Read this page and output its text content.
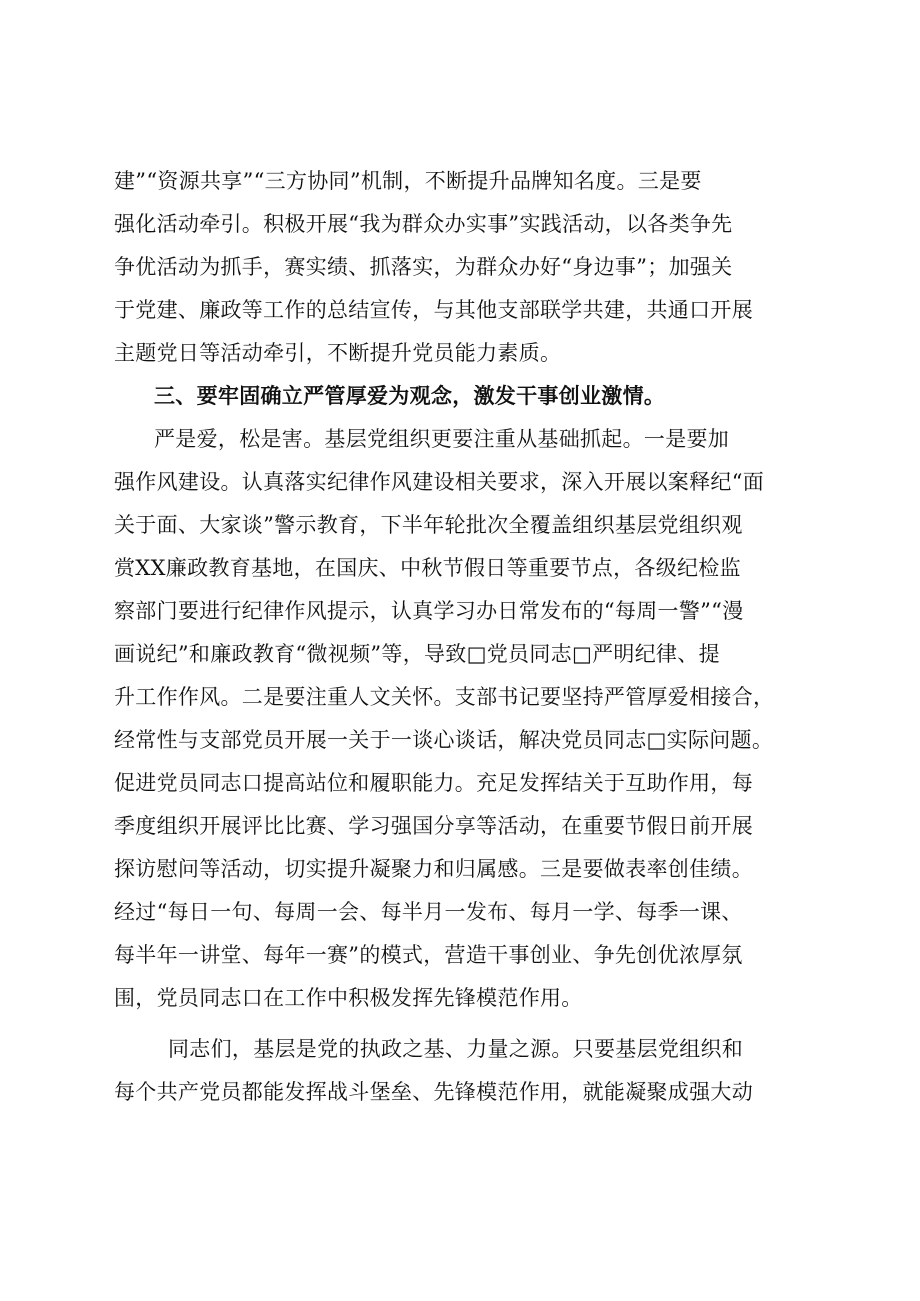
建”“资源共享”“三方协同”机制，不断提升品牌知名度。三是要
强化活动牵引。积极开展“我为群众办实事”实践活动，以各类争先
争优活动为抓手，赛实绩、抓落实，为群众办好“身边事”；加强关
于党建、廉政等工作的总结宣传，与其他支部联学共建，共通口开展
主题党日等活动牵引，不断提升党员能力素质。
三、要牢固确立严管厚爱为观念，激发干事创业激情。
严是爱，松是害。基层党组织更要注重从基础抓起。一是要加
强作风建设。认真落实纪律作风建设相关要求，深入开展以案释纪“面
关于面、大家谈”警示教育，下半年轮批次全覆盖组织基层党组织观
赏XX廉政教育基地，在国庆、中秋节假日等重要节点，各级纪检监
察部门要进行纪律作风提示，认真学习办日常发布的“每周一警”“漫
画说纪”和廉政教育“微视频”等，导致□党员同志□严明纪律、提
升工作作风。二是要注重人文关怀。支部书记要坚持严管厚爱相接合，
经常性与支部党员开展一关于一谈心谈话，解决党员同志□实际问题。
促进党员同志口提高站位和履职能力。充足发挥结关于互助作用，每
季度组织开展评比比赛、学习强国分享等活动，在重要节假日前开展
探访慰问等活动，切实提升凝聚力和归属感。三是要做表率创佳绩。
经过“每日一句、每周一会、每半月一发布、每月一学、每季一课、
每半年一讲堂、每年一赛”的模式，营造干事创业、争先创优浓厚氛
围，党员同志口在工作中积极发挥先锋模范作用。
同志们，基层是党的执政之基、力量之源。只要基层党组织和
每个共产党员都能发挥战斗堡垒、先锋模范作用，就能凝聚成强大动
